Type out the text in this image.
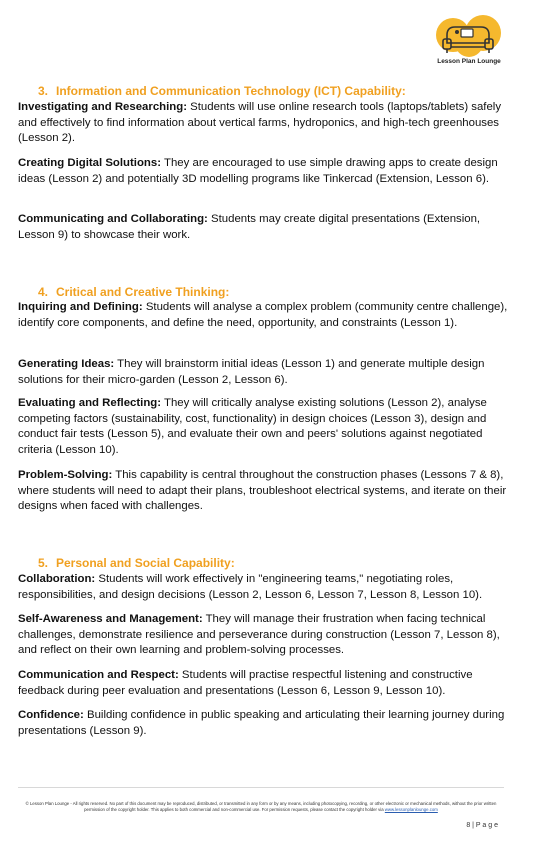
Lesson Plan Lounge
3. Information and Communication Technology (ICT) Capability:

Investigating and Researching: Students will use online research tools (laptops/tablets) safely and effectively to find information about vertical farms, hydroponics, and high-tech greenhouses (Lesson 2).

Creating Digital Solutions: They are encouraged to use simple drawing apps to create design ideas (Lesson 2) and potentially 3D modelling programs like Tinkercad (Extension, Lesson 6).

Communicating and Collaborating: Students may create digital presentations (Extension, Lesson 9) to showcase their work.

4. Critical and Creative Thinking:

Inquiring and Defining: Students will analyse a complex problem (community centre challenge), identify core components, and define the need, opportunity, and constraints (Lesson 1).

Generating Ideas: They will brainstorm initial ideas (Lesson 1) and generate multiple design solutions for their micro-garden (Lesson 2, Lesson 6).

Evaluating and Reflecting: They will critically analyse existing solutions (Lesson 2), analyse competing factors (sustainability, cost, functionality) in design choices (Lesson 3), design and conduct fair tests (Lesson 5), and evaluate their own and peers' solutions against negotiated criteria (Lesson 10).

Problem-Solving: This capability is central throughout the construction phases (Lessons 7 & 8), where students will need to adapt their plans, troubleshoot electrical systems, and iterate on their designs when faced with challenges.

5. Personal and Social Capability:

Collaboration: Students will work effectively in "engineering teams," negotiating roles, responsibilities, and design decisions (Lesson 2, Lesson 6, Lesson 7, Lesson 8, Lesson 10).

Self-Awareness and Management: They will manage their frustration when facing technical challenges, demonstrate resilience and perseverance during construction (Lesson 7, Lesson 8), and reflect on their own learning and problem-solving processes.

Communication and Respect: Students will practise respectful listening and constructive feedback during peer evaluation and presentations (Lesson 6, Lesson 9, Lesson 10).

Confidence: Building confidence in public speaking and articulating their learning journey during presentations (Lesson 9).

© Lesson Plan Lounge - All rights reserved. No part of this document may be reproduced, distributed, or transmitted in any form or by any means, including photocopying, recording, or other electronic or mechanical methods, without the prior written permission of the copyright holder. This applies to both commercial and non-commercial use. For permission requests, please contact the copyright holder via www.lessonplanlounge.com
8 | P a g e
